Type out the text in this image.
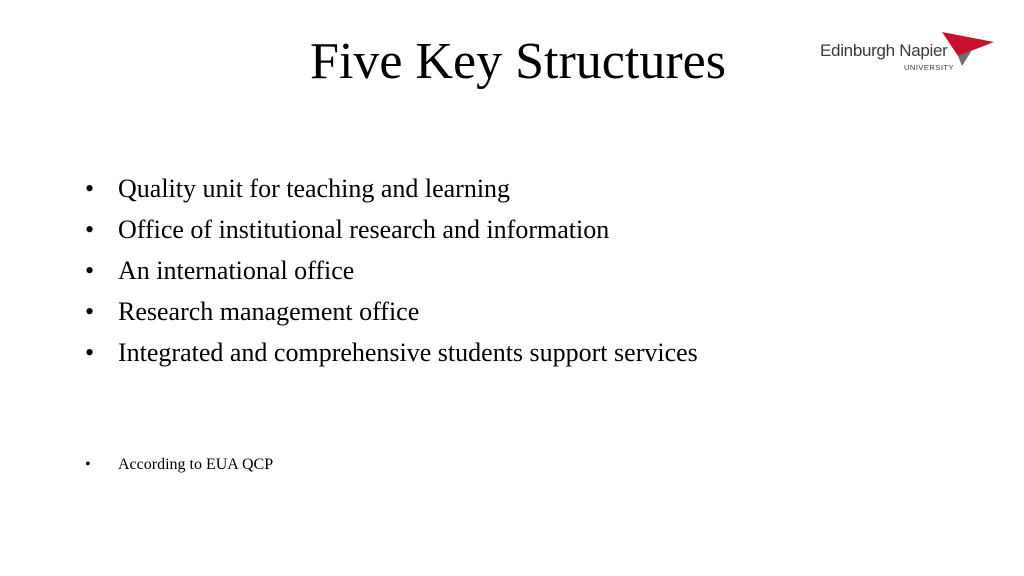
Five Key Structures	Edinburgh Napier
UNIVERSITY
• Quality unit for teaching and learning
• Office of institutional research and information
• An international office
• Research management office
• Integrated and comprehensive students support services
• According to EUA QCP
